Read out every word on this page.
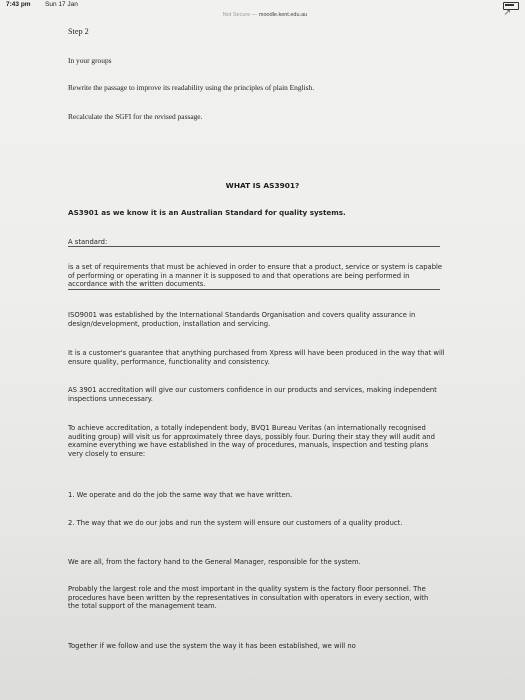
7:43 pm Sun 17 Jan
Not Secure — moodle.kent.edu.au	↗
Step 2
In your groups
Rewrite the passage to improve its readability using the principles of plain English.
Recalculate the SGFI for the revised passage.
WHAT IS AS3901?
AS3901 as we know it is an Australian Standard for quality systems.
A standard:
is a set of requirements that must be achieved in order to ensure that a product, service or system is capable of performing or operating in a manner it is supposed to and that operations are being performed in accordance with the written documents.
ISO9001 was established by the International Standards Organisation and covers quality assurance in design/development, production, installation and servicing.
It is a customer's guarantee that anything purchased from Xpress will have been produced in the way that will ensure quality, performance, functionality and consistency.
AS 3901 accreditation will give our customers confidence in our products and services, making independent inspections unnecessary.
To achieve accreditation, a totally independent body, BVQ1 Bureau Veritas (an internationally recognised auditing group) will visit us for approximately three days, possibly four. During their stay they will audit and examine everything we have established in the way of procedures, manuals, inspection and testing plans very closely to ensure:
1. We operate and do the job the same way that we have written.
2. The way that we do our jobs and run the system will ensure our customers of a quality product.
We are all, from the factory hand to the General Manager, responsible for the system.
Probably the largest role and the most important in the quality system is the factory floor personnel. The procedures have been written by the representatives in consultation with operators in every section, with the total support of the management team.
Together if we follow and use the system the way it has been established, we will no
